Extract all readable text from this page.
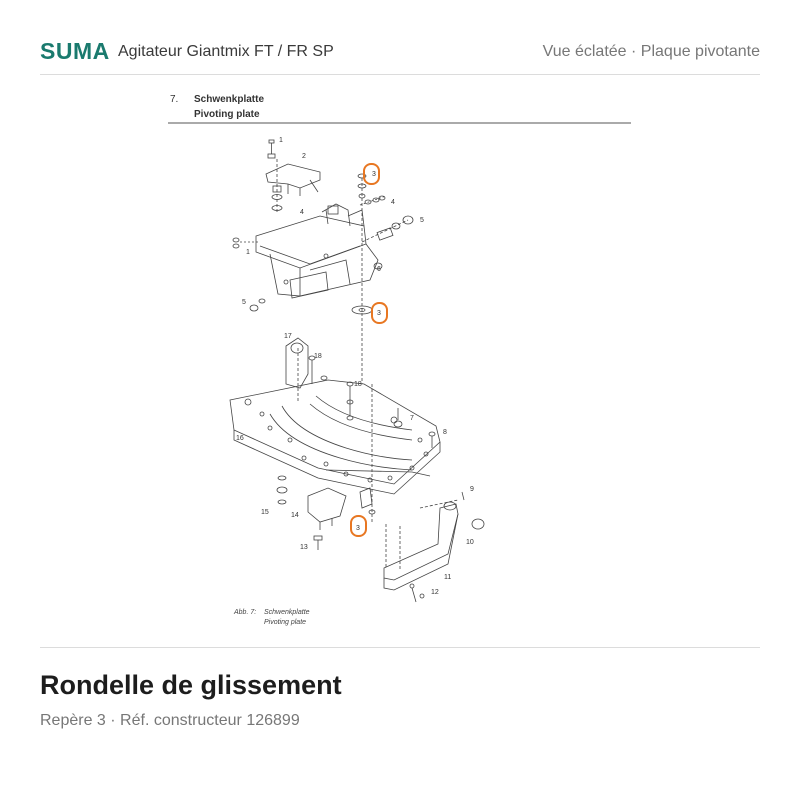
SUMA Agitateur Giantmix FT / FR SP	Vue éclatée · Plaque pivotante
7. Schwenkplatte
Pivoting plate
1
2
3
4
4
5
1
6
5
3
17
18
18
7
8
16
15	14
3
13
9
10
11
12
Abb. 7: Schwenkplatte
Pivoting plate
Rondelle de glissement
Repère 3 · Réf. constructeur 126899
